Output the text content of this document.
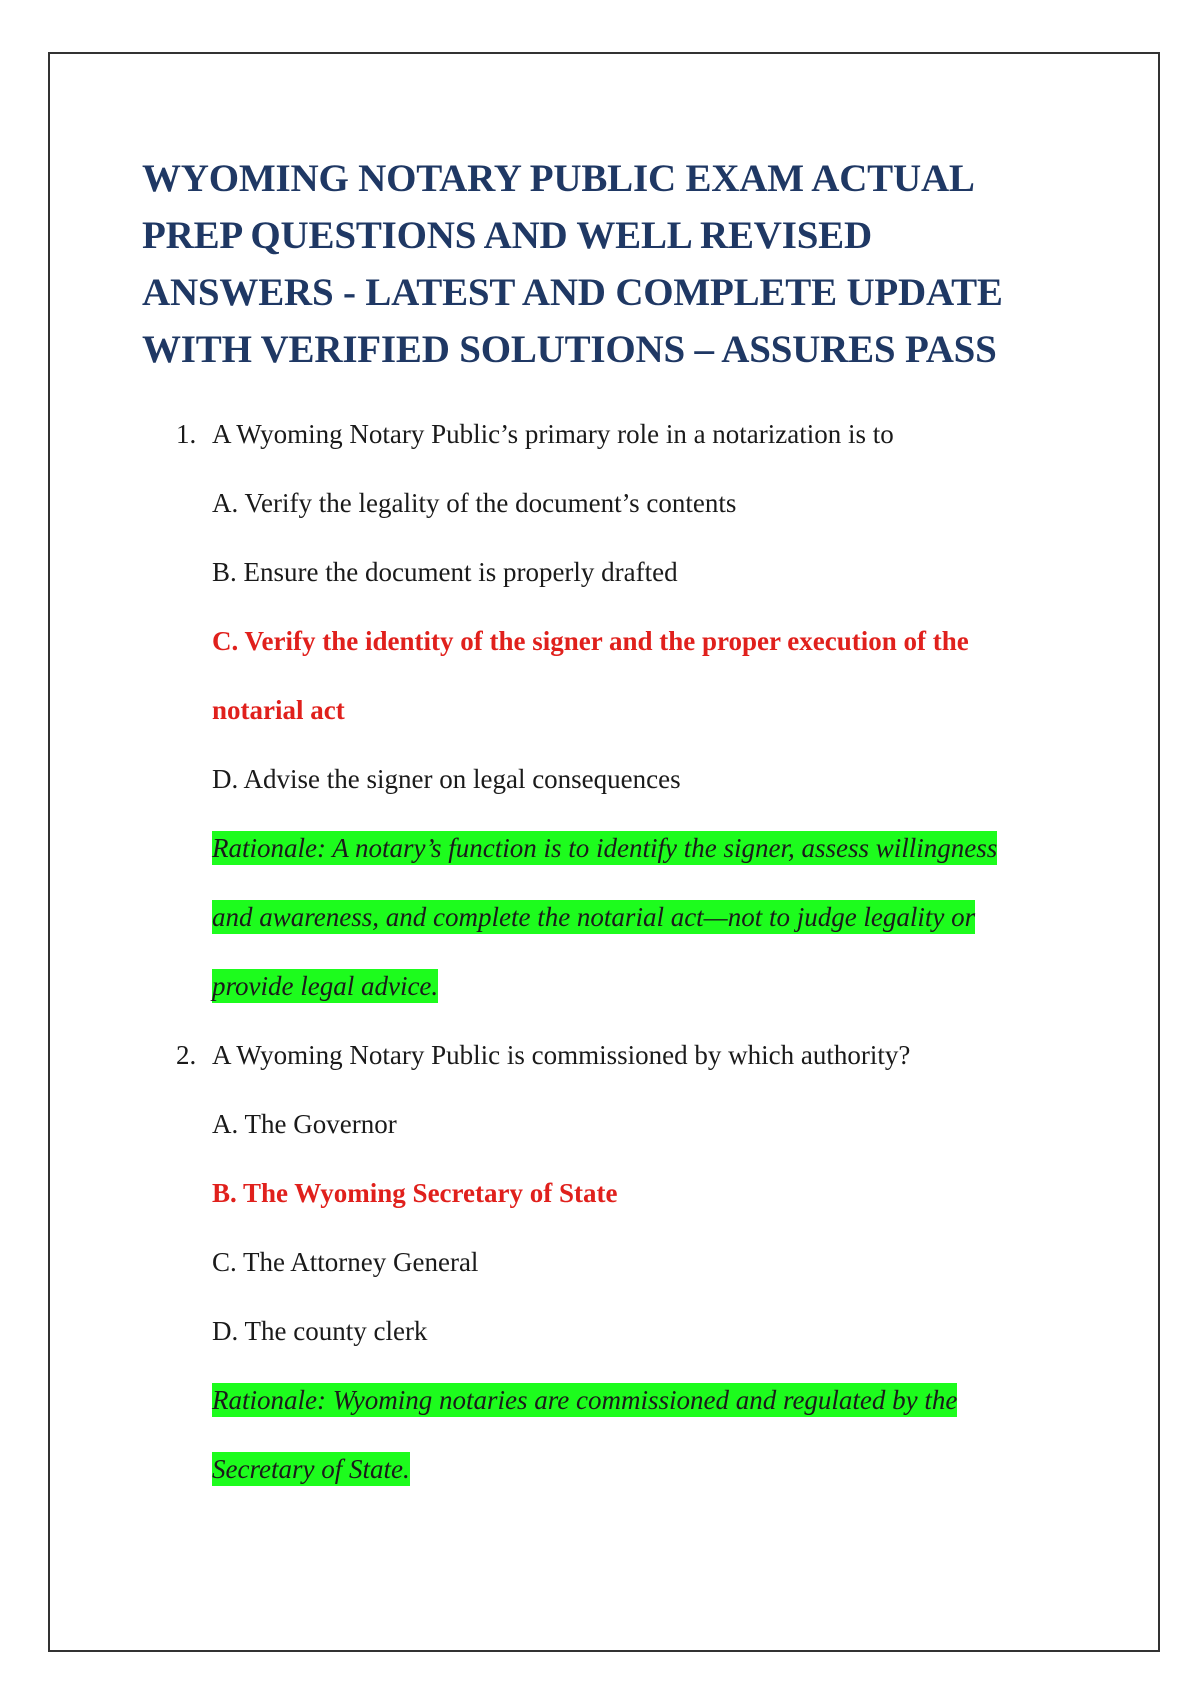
WYOMING NOTARY PUBLIC EXAM ACTUAL PREP QUESTIONS AND WELL REVISED ANSWERS - LATEST AND COMPLETE UPDATE WITH VERIFIED SOLUTIONS – ASSURES PASS
1. A Wyoming Notary Public’s primary role in a notarization is to
A. Verify the legality of the document’s contents
B. Ensure the document is properly drafted
C. Verify the identity of the signer and the proper execution of the notarial act
D. Advise the signer on legal consequences
Rationale: A notary’s function is to identify the signer, assess willingness and awareness, and complete the notarial act—not to judge legality or provide legal advice.
2. A Wyoming Notary Public is commissioned by which authority?
A. The Governor
B. The Wyoming Secretary of State
C. The Attorney General
D. The county clerk
Rationale: Wyoming notaries are commissioned and regulated by the Secretary of State.
